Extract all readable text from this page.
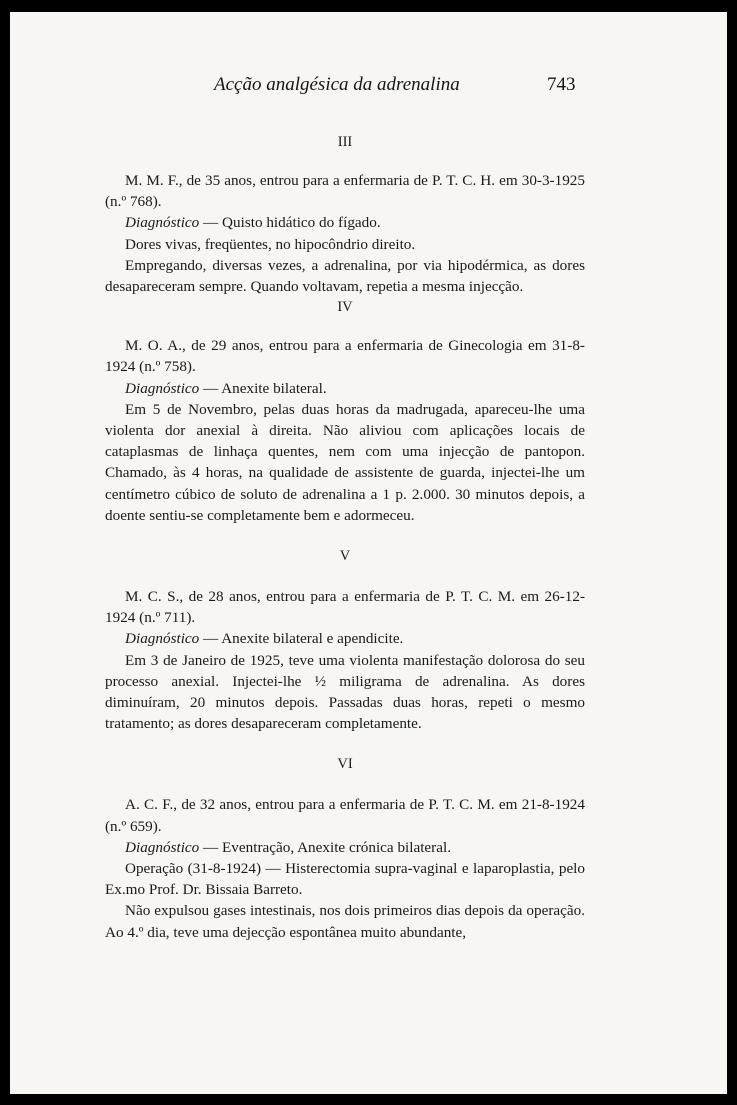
Acção analgésica da adrenalina	743

III

M. M. F., de 35 anos, entrou para a enfermaria de P. T. C. H. em 30-3-1925 (n.º 768).

Diagnóstico — Quisto hidático do fígado.

Dores vivas, freqüentes, no hipocôndrio direito.

Empregando, diversas vezes, a adrenalina, por via hipodérmica, as dores desapareceram sempre. Quando voltavam, repetia a mesma injecção.

IV

M. O. A., de 29 anos, entrou para a enfermaria de Ginecologia em 31-8-1924 (n.º 758).

Diagnóstico — Anexite bilateral.

Em 5 de Novembro, pelas duas horas da madrugada, apareceu-lhe uma violenta dor anexial à direita. Não aliviou com aplicações locais de cataplasmas de linhaça quentes, nem com uma injecção de pantopon. Chamado, às 4 horas, na qualidade de assistente de guarda, injectei-lhe um centímetro cúbico de soluto de adrenalina a 1 p. 2.000. 30 minutos depois, a doente sentiu-se completamente bem e adormeceu.

V

M. C. S., de 28 anos, entrou para a enfermaria de P. T. C. M. em 26-12-1924 (n.º 711).

Diagnóstico — Anexite bilateral e apendicite.

Em 3 de Janeiro de 1925, teve uma violenta manifestação dolorosa do seu processo anexial. Injectei-lhe ½ miligrama de adrenalina. As dores diminuíram, 20 minutos depois. Passadas duas horas, repeti o mesmo tratamento; as dores desapareceram completamente.

VI

A. C. F., de 32 anos, entrou para a enfermaria de P. T. C. M. em 21-8-1924 (n.º 659).

Diagnóstico — Eventração, Anexite crónica bilateral.

Operação (31-8-1924) — Histerectomia supra-vaginal e laparoplastia, pelo Ex.mo Prof. Dr. Bissaia Barreto.

Não expulsou gases intestinais, nos dois primeiros dias depois da operação. Ao 4.º dia, teve uma dejecção espontânea muito abundante,
